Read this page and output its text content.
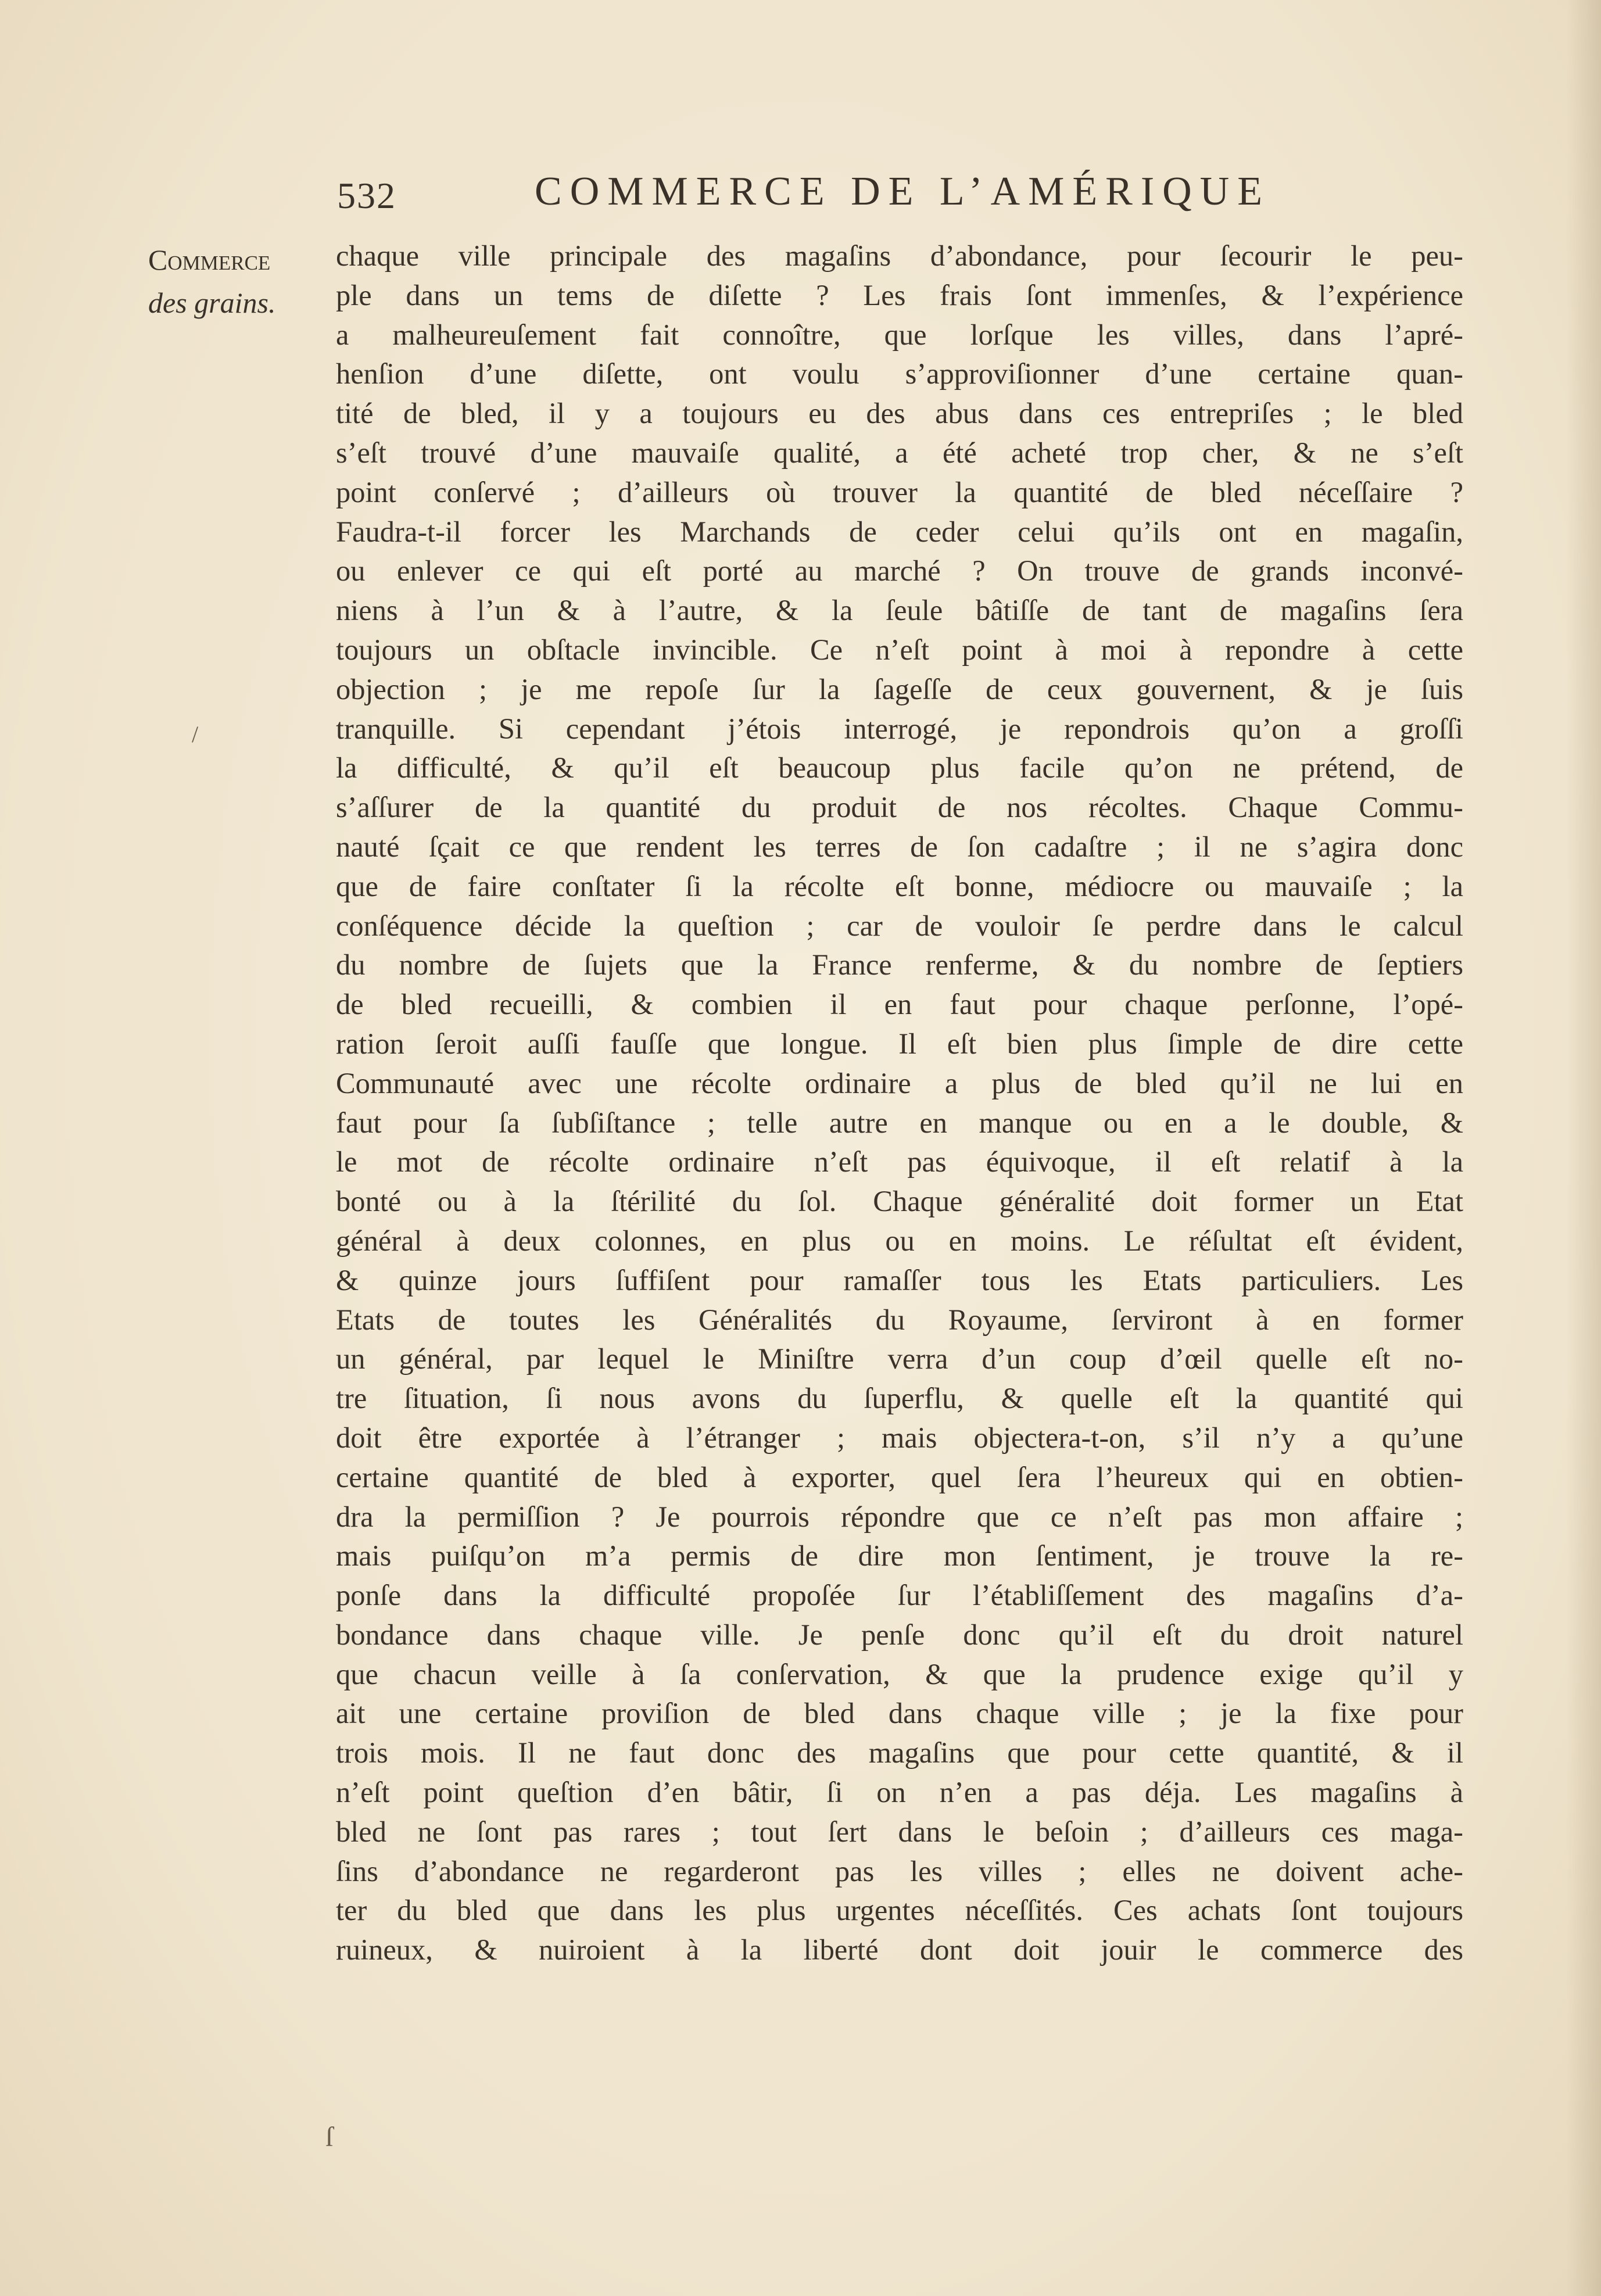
532	COMMERCE DE L’AMÉRIQUE
Commerce
des grains.
chaque ville principale des magaſins d’abondance, pour ſecourir le peu-
ple dans un tems de diſette ? Les frais ſont immenſes, & l’expérience
a malheureuſement fait connoître, que lorſque les villes, dans l’apré-
henſion d’une diſette, ont voulu s’approviſionner d’une certaine quan-
tité de bled, il y a toujours eu des abus dans ces entrepriſes ; le bled
s’eſt trouvé d’une mauvaiſe qualité, a été acheté trop cher, & ne s’eſt
point conſervé ; d’ailleurs où trouver la quantité de bled néceſſaire ?
Faudra-t-il forcer les Marchands de ceder celui qu’ils ont en magaſin,
ou enlever ce qui eſt porté au marché ? On trouve de grands inconvé-
niens à l’un & à l’autre, & la ſeule bâtiſſe de tant de magaſins ſera
toujours un obſtacle invincible. Ce n’eſt point à moi à repondre à cette
objection ; je me repoſe ſur la ſageſſe de ceux gouvernent, & je ſuis
tranquille. Si cependant j’étois interrogé, je repondrois qu’on a groſſi
la difficulté, & qu’il eſt beaucoup plus facile qu’on ne prétend, de
s’aſſurer de la quantité du produit de nos récoltes. Chaque Commu-
nauté ſçait ce que rendent les terres de ſon cadaſtre ; il ne s’agira donc
que de faire conſtater ſi la récolte eſt bonne, médiocre ou mauvaiſe ; la
conſéquence décide la queſtion ; car de vouloir ſe perdre dans le calcul
du nombre de ſujets que la France renferme, & du nombre de ſeptiers
de bled recueilli, & combien il en faut pour chaque perſonne, l’opé-
ration ſeroit auſſi fauſſe que longue. Il eſt bien plus ſimple de dire cette
Communauté avec une récolte ordinaire a plus de bled qu’il ne lui en
faut pour ſa ſubſiſtance ; telle autre en manque ou en a le double, &
le mot de récolte ordinaire n’eſt pas équivoque, il eſt relatif à la
bonté ou à la ſtérilité du ſol. Chaque généralité doit former un Etat
général à deux colonnes, en plus ou en moins. Le réſultat eſt évident,
& quinze jours ſuffiſent pour ramaſſer tous les Etats particuliers. Les
Etats de toutes les Généralités du Royaume, ſerviront à en former
un général, par lequel le Miniſtre verra d’un coup d’œil quelle eſt no-
tre ſituation, ſi nous avons du ſuperflu, & quelle eſt la quantité qui
doit être exportée à l’étranger ; mais objectera-t-on, s’il n’y a qu’une
certaine quantité de bled à exporter, quel ſera l’heureux qui en obtien-
dra la permiſſion ? Je pourrois répondre que ce n’eſt pas mon affaire ;
mais puiſqu’on m’a permis de dire mon ſentiment, je trouve la re-
ponſe dans la difficulté propoſée ſur l’établiſſement des magaſins d’a-
bondance dans chaque ville. Je penſe donc qu’il eſt du droit naturel
que chacun veille à ſa conſervation, & que la prudence exige qu’il y
ait une certaine proviſion de bled dans chaque ville ; je la fixe pour
trois mois. Il ne faut donc des magaſins que pour cette quantité, & il
n’eſt point queſtion d’en bâtir, ſi on n’en a pas déja. Les magaſins à
bled ne ſont pas rares ; tout ſert dans le beſoin ; d’ailleurs ces maga-
ſins d’abondance ne regarderont pas les villes ; elles ne doivent ache-
ter du bled que dans les plus urgentes néceſſités. Ces achats ſont toujours
ruineux, & nuiroient à la liberté dont doit jouir le commerce des
/
ſ
